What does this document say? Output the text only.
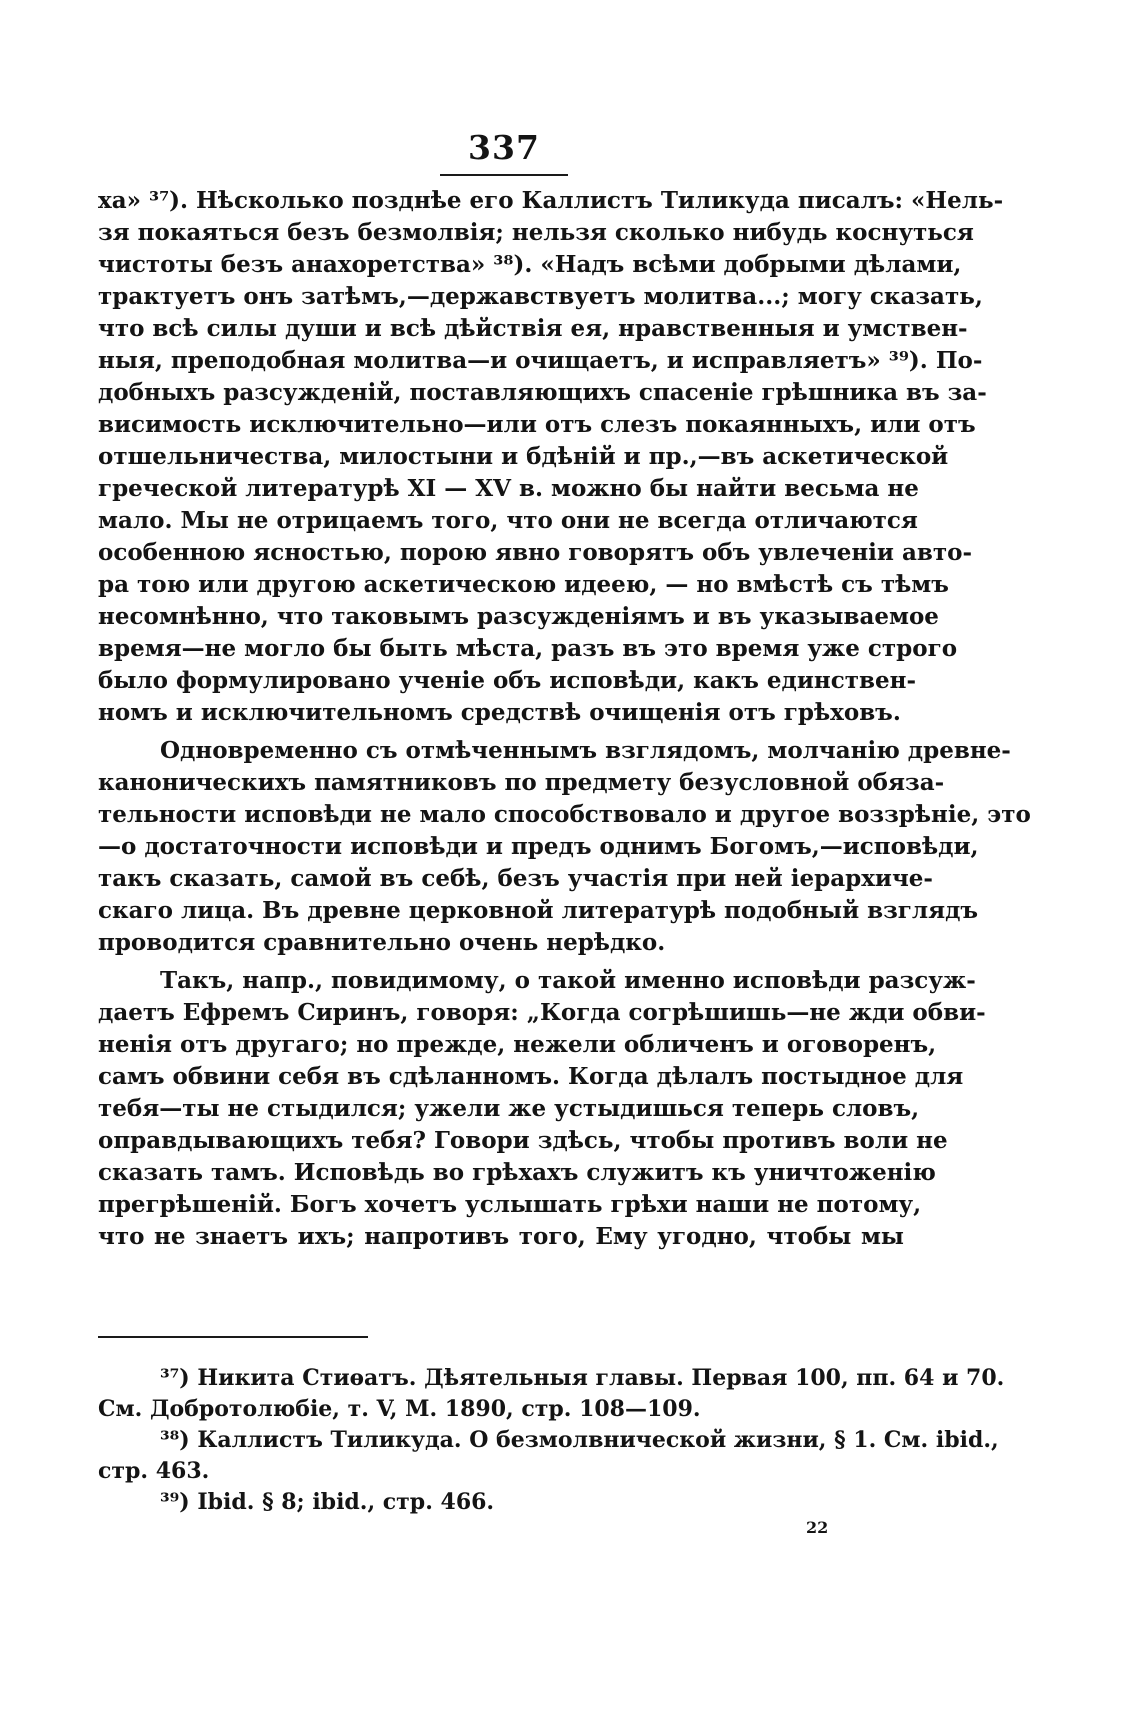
337
ха» ³⁷). Нѣсколько позднѣе его Каллистъ Тиликуда писалъ: «Нель-
зя покаяться безъ безмолвія; нельзя сколько нибудь коснуться
чистоты безъ анахоретства» ³⁸). «Надъ всѣми добрыми дѣлами,
трактуетъ онъ затѣмъ,—державствуетъ молитва...; могу сказать,
что всѣ силы души и всѣ дѣйствія ея, нравственныя и умствен-
ныя, преподобная молитва—и очищаетъ, и исправляетъ» ³⁹). По-
добныхъ разсужденій, поставляющихъ спасеніе грѣшника въ за-
висимость исключительно—или отъ слезъ покаянныхъ, или отъ
отшельничества, милостыни и бдѣній и пр.,—въ аскетической
греческой литературѣ XI — XV в. можно бы найти весьма не
мало. Мы не отрицаемъ того, что они не всегда отличаются
особенною ясностью, порою явно говорятъ объ увлеченіи авто-
ра тою или другою аскетическою идеею, — но вмѣстѣ съ тѣмъ
несомнѣнно, что таковымъ разсужденіямъ и въ указываемое
время—не могло бы быть мѣста, разъ въ это время уже строго
было формулировано ученіе объ исповѣди, какъ единствен-
номъ и исключительномъ средствѣ очищенія отъ грѣховъ.
Одновременно съ отмѣченнымъ взглядомъ, молчанію древне-
каноническихъ памятниковъ по предмету безусловной обяза-
тельности исповѣди не мало способствовало и другое воззрѣніе, это
—о достаточности исповѣди и предъ однимъ Богомъ,—исповѣди,
такъ сказать, самой въ себѣ, безъ участія при ней іерархиче-
скаго лица. Въ древне церковной литературѣ подобный взглядъ
проводится сравнительно очень нерѣдко.
Такъ, напр., повидимому, о такой именно исповѣди разсуж-
даетъ Ефремъ Сиринъ, говоря: „Когда согрѣшишь—не жди обви-
ненія отъ другаго; но прежде, нежели обличенъ и оговоренъ,
самъ обвини себя въ сдѣланномъ. Когда дѣлалъ постыдное для
тебя—ты не стыдился; ужели же устыдишься теперь словъ,
оправдывающихъ тебя? Говори здѣсь, чтобы противъ воли не
сказать тамъ. Исповѣдь во грѣхахъ служитъ къ уничтоженію
прегрѣшеній. Богъ хочетъ услышать грѣхи наши не потому,
что не знаетъ ихъ; напротивъ того, Ему угодно, чтобы мы
³⁷) Никита Стиѳатъ. Дѣятельныя главы. Первая 100, пп. 64 и 70.
См. Добротолюбіе, т. V, М. 1890, стр. 108—109.
³⁸) Каллистъ Тиликуда. О безмолвнической жизни, § 1. См. ibid.,
стр. 463.
³⁹) Ibid. § 8; ibid., стр. 466.
22
